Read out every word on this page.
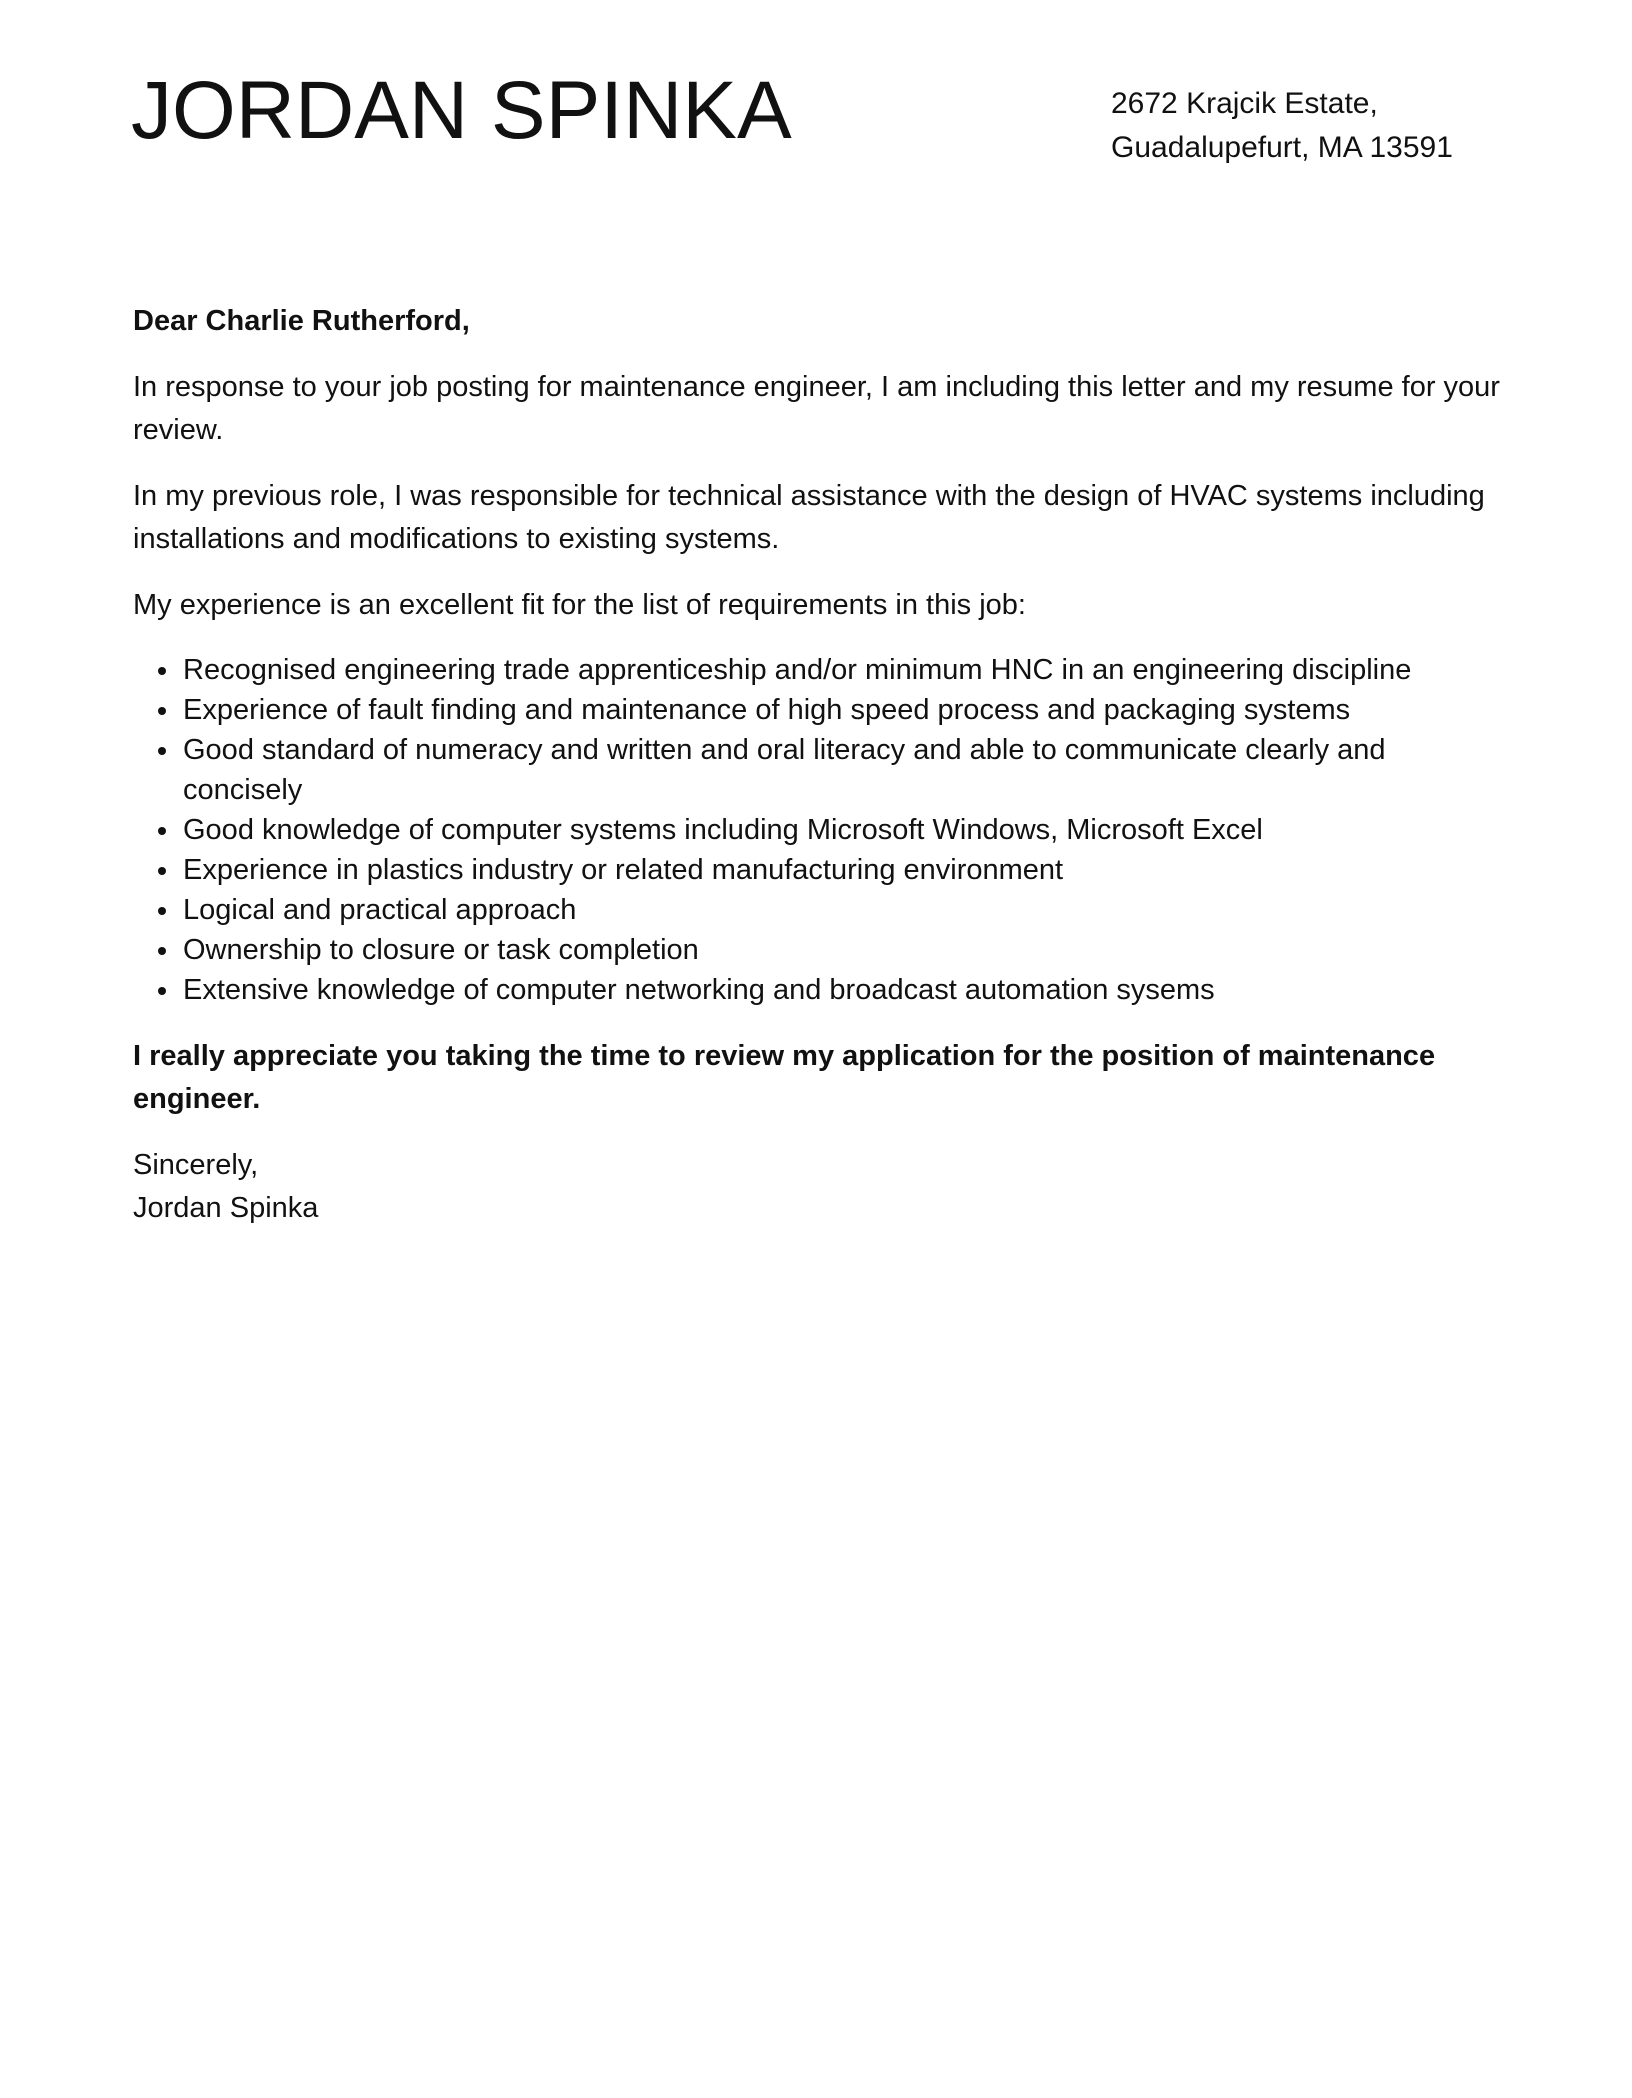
JORDAN SPINKA	2672 Krajcik Estate,
Guadalupefurt, MA 13591

Dear Charlie Rutherford,

In response to your job posting for maintenance engineer, I am including this letter and my resume for your review.

In my previous role, I was responsible for technical assistance with the design of HVAC systems including installations and modifications to existing systems.

My experience is an excellent fit for the list of requirements in this job:

• Recognised engineering trade apprenticeship and/or minimum HNC in an engineering discipline
• Experience of fault finding and maintenance of high speed process and packaging systems
• Good standard of numeracy and written and oral literacy and able to communicate clearly and concisely
• Good knowledge of computer systems including Microsoft Windows, Microsoft Excel
• Experience in plastics industry or related manufacturing environment
• Logical and practical approach
• Ownership to closure or task completion
• Extensive knowledge of computer networking and broadcast automation sysems

I really appreciate you taking the time to review my application for the position of maintenance engineer.

Sincerely,
Jordan Spinka
